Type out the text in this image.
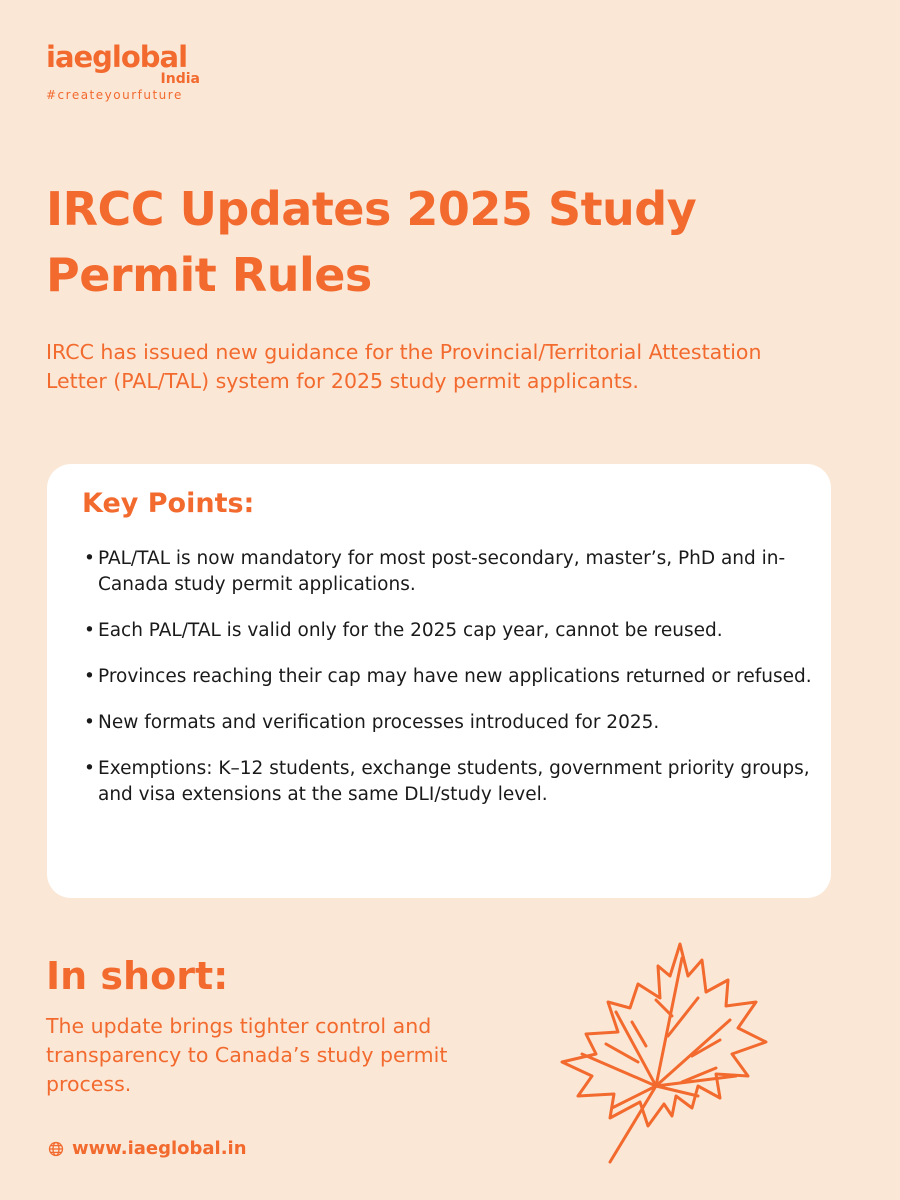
iaeglobal
India
#createyourfuture
IRCC Updates 2025 Study Permit Rules

IRCC has issued new guidance for the Provincial/Territorial Attestation Letter (PAL/TAL) system for 2025 study permit applicants.

Key Points:
• PAL/TAL is now mandatory for most post-secondary, master’s, PhD and in-Canada study permit applications.
• Each PAL/TAL is valid only for the 2025 cap year, cannot be reused.
• Provinces reaching their cap may have new applications returned or refused.
• New formats and verification processes introduced for 2025.
• Exemptions: K–12 students, exchange students, government priority groups, and visa extensions at the same DLI/study level.
In short:

The update brings tighter control and transparency to Canada’s study permit process.

www.iaeglobal.in
